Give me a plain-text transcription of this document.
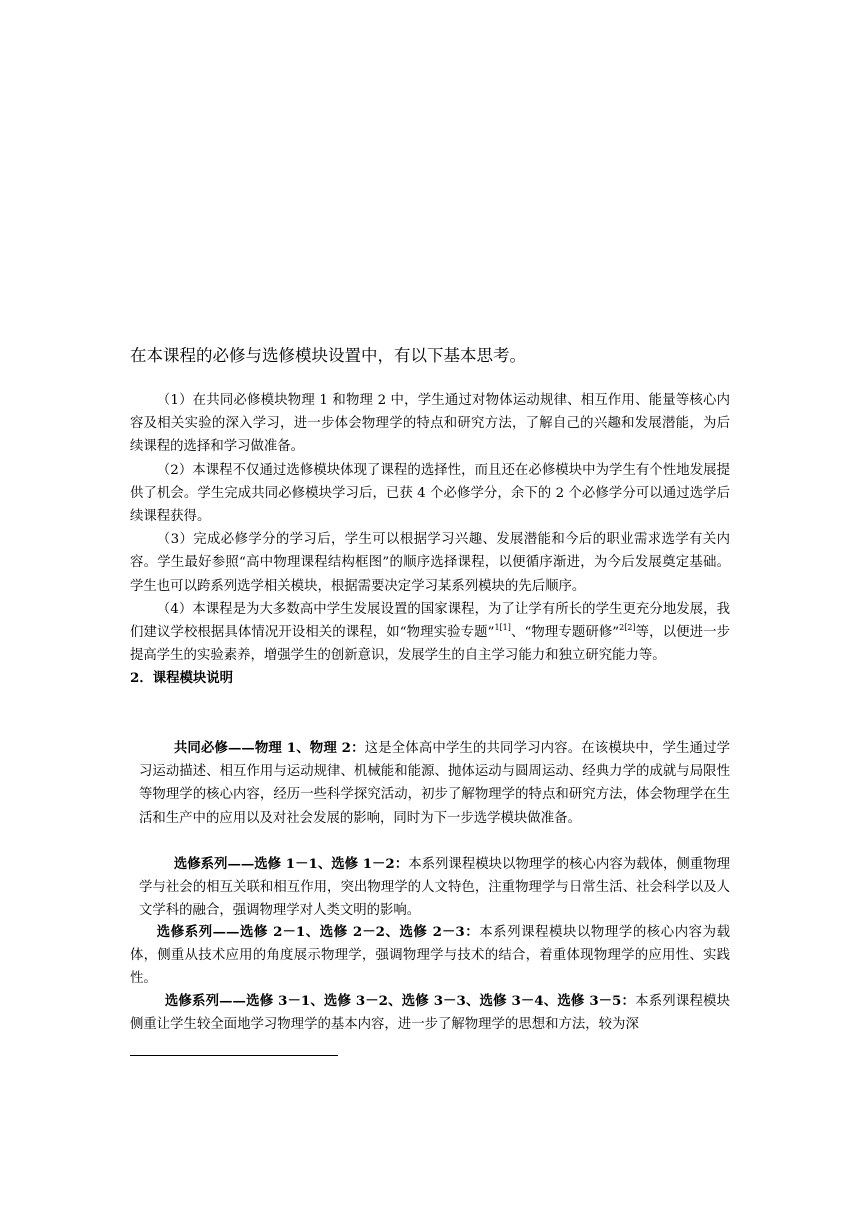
在本课程的必修与选修模块设置中，有以下基本思考。

（1）在共同必修模块物理 1 和物理 2 中，学生通过对物体运动规律、相互作用、能量等核心内容及相关实验的深入学习，进一步体会物理学的特点和研究方法，了解自己的兴趣和发展潜能，为后续课程的选择和学习做准备。

（2）本课程不仅通过选修模块体现了课程的选择性，而且还在必修模块中为学生有个性地发展提供了机会。学生完成共同必修模块学习后，已获 4 个必修学分，余下的 2 个必修学分可以通过选学后续课程获得。

（3）完成必修学分的学习后，学生可以根据学习兴趣、发展潜能和今后的职业需求选学有关内容。学生最好参照“高中物理课程结构框图”的顺序选择课程，以便循序渐进，为今后发展奠定基础。学生也可以跨系列选学相关模块，根据需要决定学习某系列模块的先后顺序。

（4）本课程是为大多数高中学生发展设置的国家课程，为了让学有所长的学生更充分地发展，我们建议学校根据具体情况开设相关的课程，如“物理实验专题”$^{1[1]}$、“物理专题研修”$^{2[2]}$等，以便进一步提高学生的实验素养，增强学生的创新意识，发展学生的自主学习能力和独立研究能力等。

2．课程模块说明

共同必修——物理 1、物理 2：这是全体高中学生的共同学习内容。在该模块中，学生通过学习运动描述、相互作用与运动规律、机械能和能源、抛体运动与圆周运动、经典力学的成就与局限性等物理学的核心内容，经历一些科学探究活动，初步了解物理学的特点和研究方法，体会物理学在生活和生产中的应用以及对社会发展的影响，同时为下一步选学模块做准备。

选修系列——选修 1－1、选修 1－2：本系列课程模块以物理学的核心内容为载体，侧重物理学与社会的相互关联和相互作用，突出物理学的人文特色，注重物理学与日常生活、社会科学以及人文学科的融合，强调物理学对人类文明的影响。

选修系列——选修 2－1、选修 2－2、选修 2－3：本系列课程模块以物理学的核心内容为载体，侧重从技术应用的角度展示物理学，强调物理学与技术的结合，着重体现物理学的应用性、实践性。

选修系列——选修 3－1、选修 3－2、选修 3－3、选修 3－4、选修 3－5：本系列课程模块侧重让学生较全面地学习物理学的基本内容，进一步了解物理学的思想和方法，较为深
